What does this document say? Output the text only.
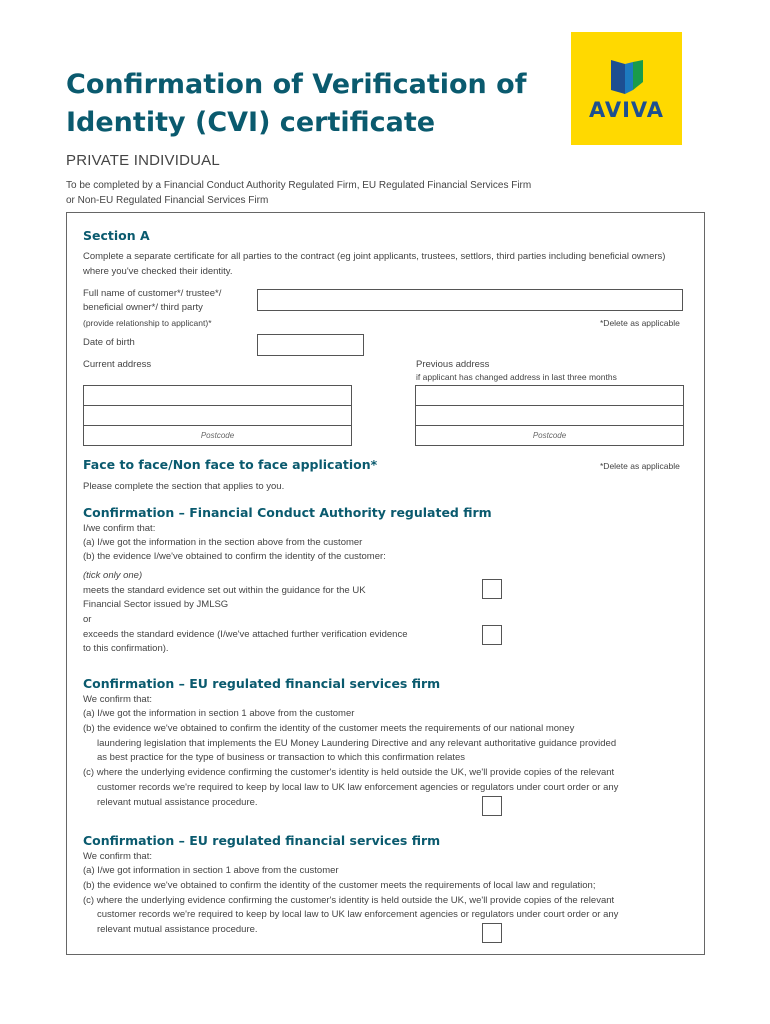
Confirmation of Verification of Identity (CVI) certificate	AVIVA
PRIVATE INDIVIDUAL
To be completed by a Financial Conduct Authority Regulated Firm, EU Regulated Financial Services Firm or Non-EU Regulated Financial Services Firm
Section A
Complete a separate certificate for all parties to the contract (eg joint applicants, trustees, settlors, third parties including beneficial owners) where you've checked their identity.
Full name of customer*/ trustee*/
beneficial owner*/ third party
(provide relationship to applicant)*	*Delete as applicable
Date of birth
Current address	Previous address
if applicant has changed address in last three months
Postcode	Postcode
Face to face/Non face to face application*	*Delete as applicable
Please complete the section that applies to you.
Confirmation – Financial Conduct Authority regulated firm
I/we confirm that:
(a) I/we got the information in the section above from the customer
(b) the evidence I/we've obtained to confirm the identity of the customer:
(tick only one)
meets the standard evidence set out within the guidance for the UK
Financial Sector issued by JMLSG
or
exceeds the standard evidence (I/we've attached further verification evidence
to this confirmation).
Confirmation – EU regulated financial services firm
We confirm that:
(a) I/we got the information in section 1 above from the customer
(b) the evidence we've obtained to confirm the identity of the customer meets the requirements of our national money
laundering legislation that implements the EU Money Laundering Directive and any relevant authoritative guidance provided
as best practice for the type of business or transaction to which this confirmation relates
(c) where the underlying evidence confirming the customer's identity is held outside the UK, we'll provide copies of the relevant
customer records we're required to keep by local law to UK law enforcement agencies or regulators under court order or any
relevant mutual assistance procedure.
Confirmation – EU regulated financial services firm
We confirm that:
(a) I/we got information in section 1 above from the customer
(b) the evidence we've obtained to confirm the identity of the customer meets the requirements of local law and regulation;
(c) where the underlying evidence confirming the customer's identity is held outside the UK, we'll provide copies of the relevant
customer records we're required to keep by local law to UK law enforcement agencies or regulators under court order or any
relevant mutual assistance procedure.
